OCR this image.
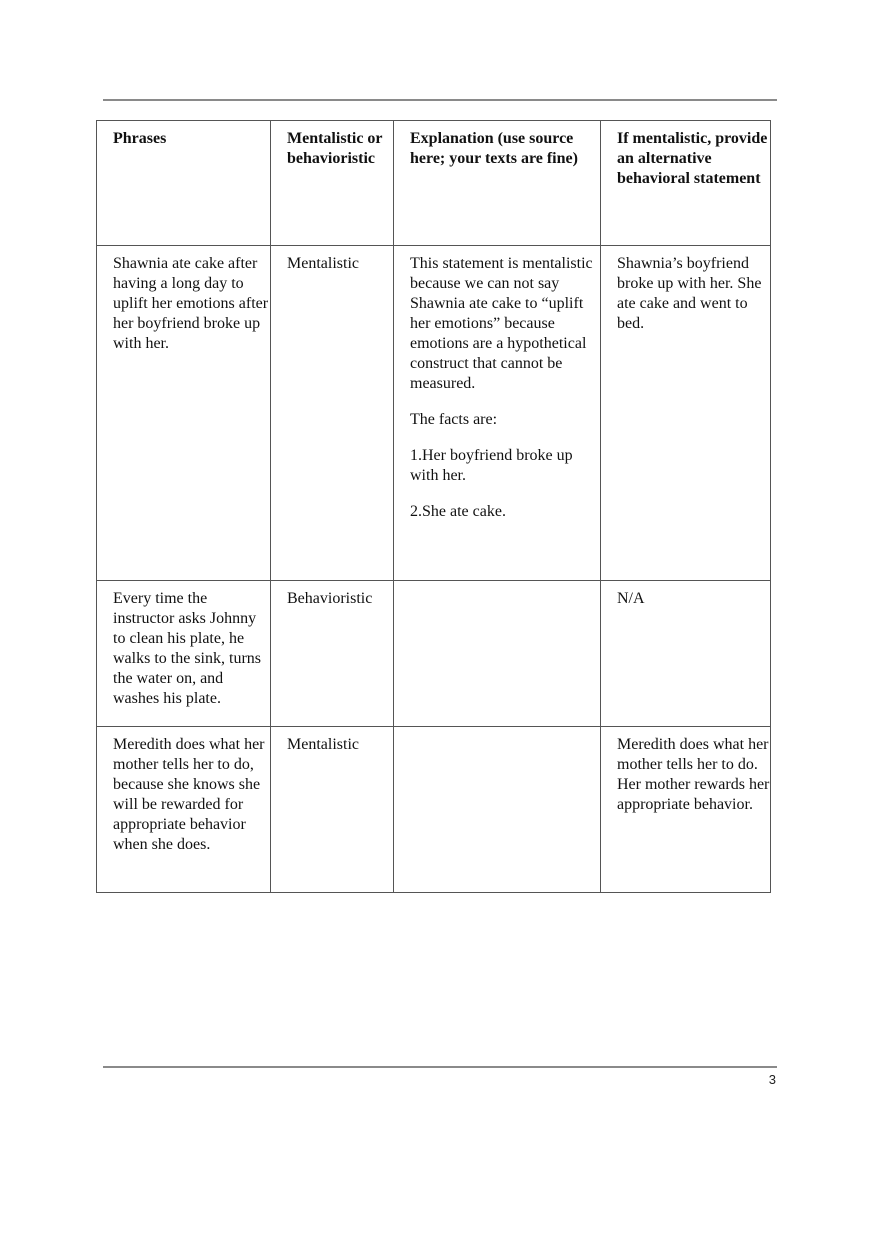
Phrases	Mentalistic or behavioristic	Explanation (use source here; your texts are fine)	If mentalistic, provide an alternative behavioral statement
Shawnia ate cake after having a long day to uplift her emotions after her boyfriend broke up with her.	Mentalistic	This statement is mentalistic because we can not say Shawnia ate cake to “uplift her emotions” because emotions are a hypothetical construct that cannot be measured.

The facts are:

1.Her boyfriend broke up with her.

2.She ate cake.	Shawnia’s boyfriend broke up with her. She ate cake and went to bed.
Every time the instructor asks Johnny to clean his plate, he walks to the sink, turns the water on, and washes his plate.	Behavioristic		N/A
Meredith does what her mother tells her to do, because she knows she will be rewarded for appropriate behavior when she does.	Mentalistic		Meredith does what her mother tells her to do. Her mother rewards her appropriate behavior.
3
